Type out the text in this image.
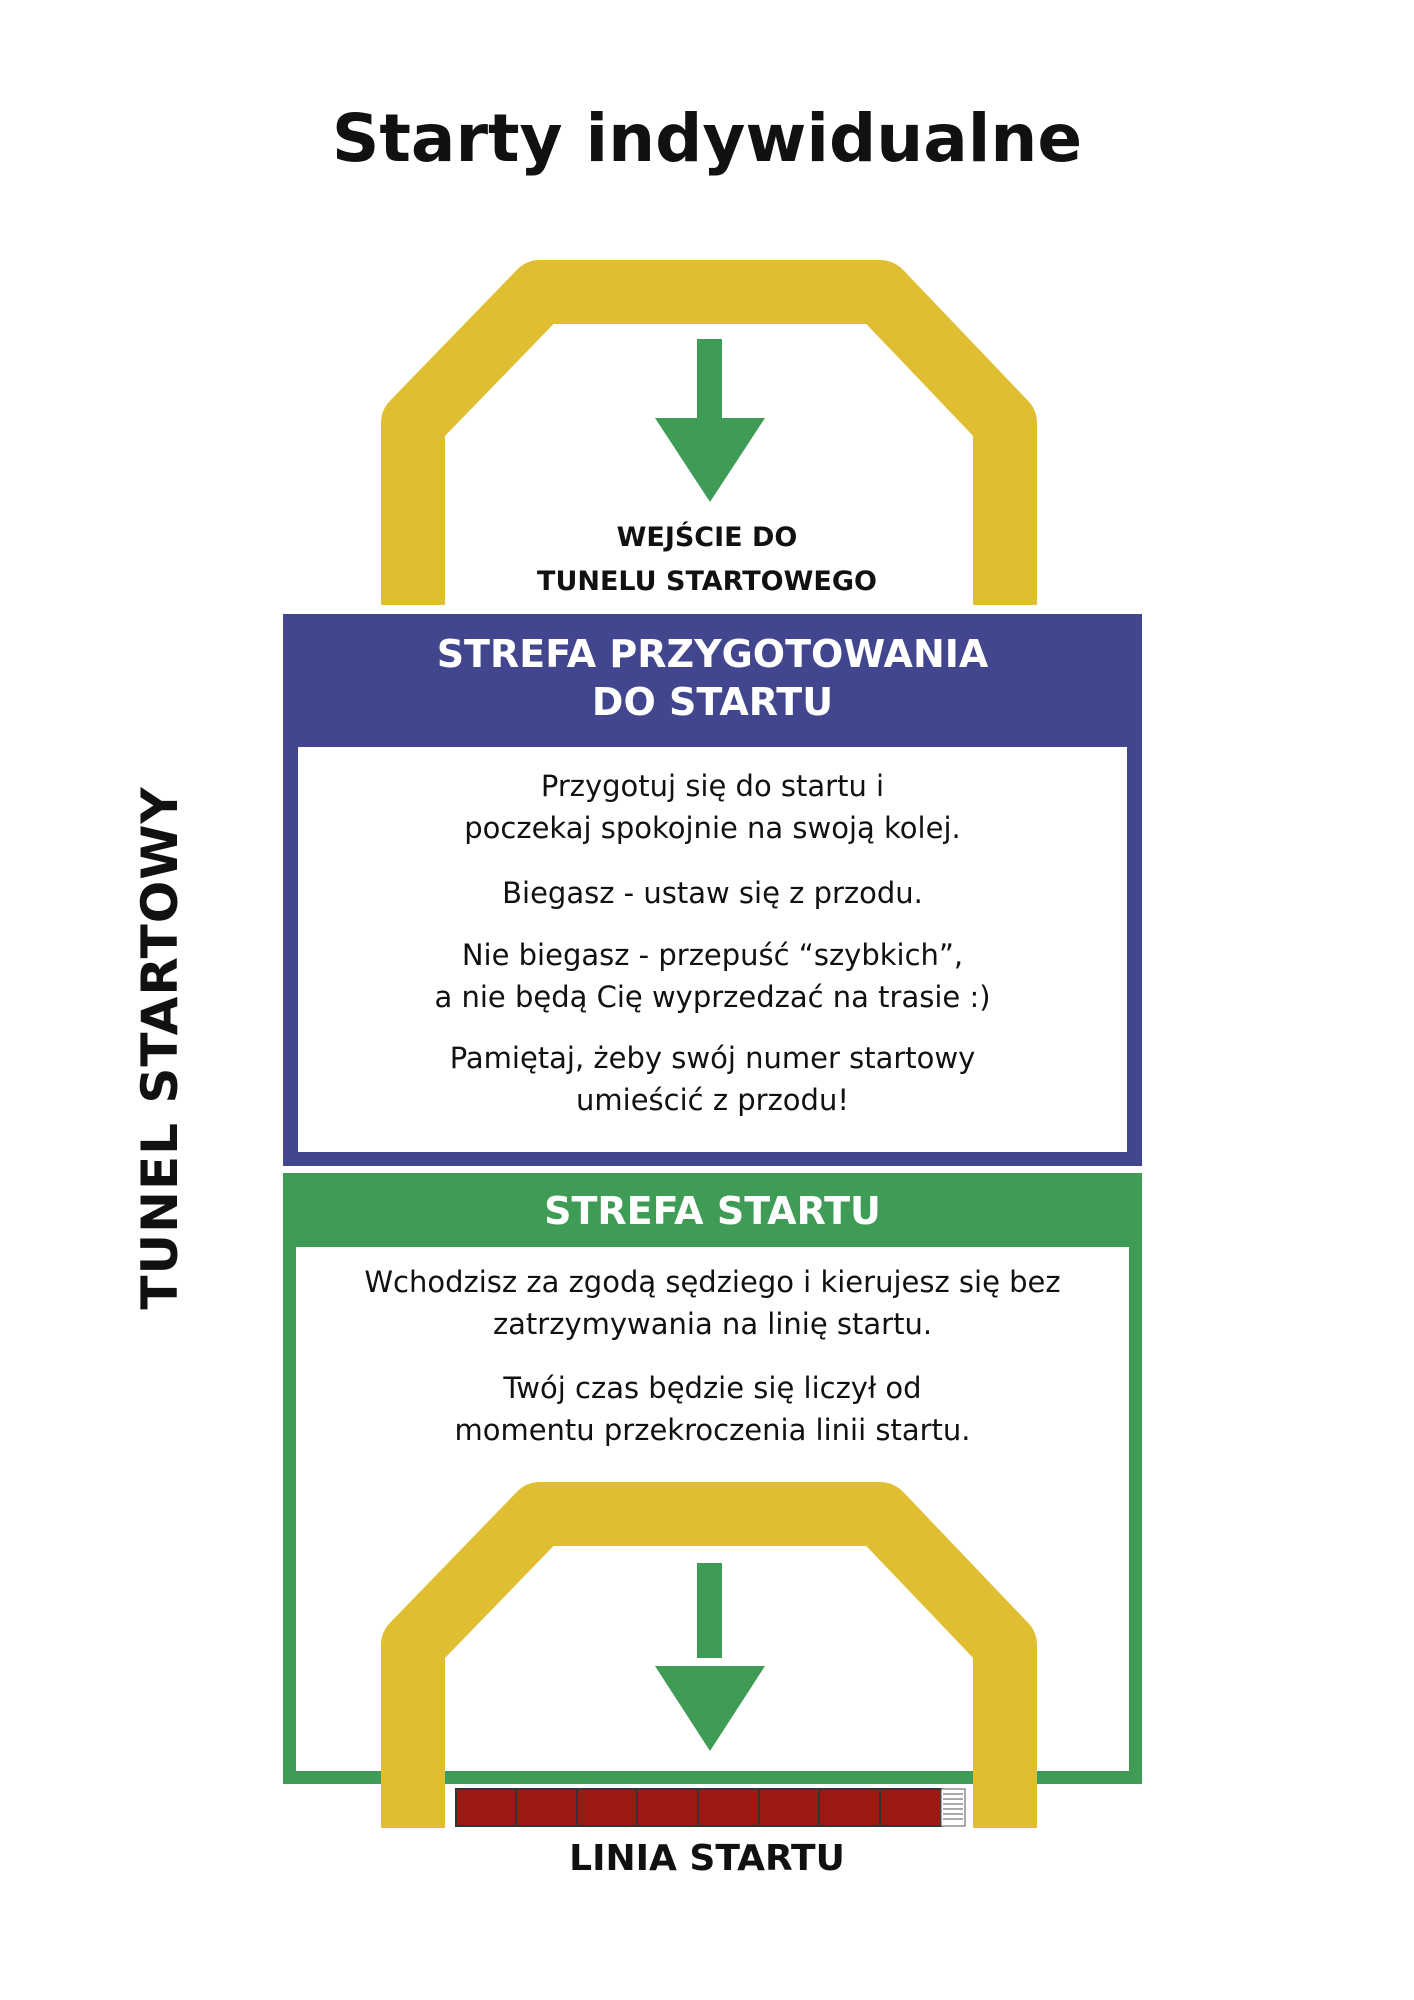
Starty indywidualne
STREFA PRZYGOTOWANIA
DO STARTU
Przygotuj się do startu i
poczekaj spokojnie na swoją kolej.
Biegasz - ustaw się z przodu.
Nie biegasz - przepuść “szybkich”,
a nie będą Cię wyprzedzać na trasie :)
Pamiętaj, żeby swój numer startowy
umieścić z przodu!
STREFA STARTU
Wchodzisz za zgodą sędziego i kierujesz się bez
zatrzymywania na linię startu.
Twój czas będzie się liczył od
momentu przekroczenia linii startu.
WEJŚCIE DO
TUNELU STARTOWEGO
TUNEL STARTOWY
LINIA STARTU
